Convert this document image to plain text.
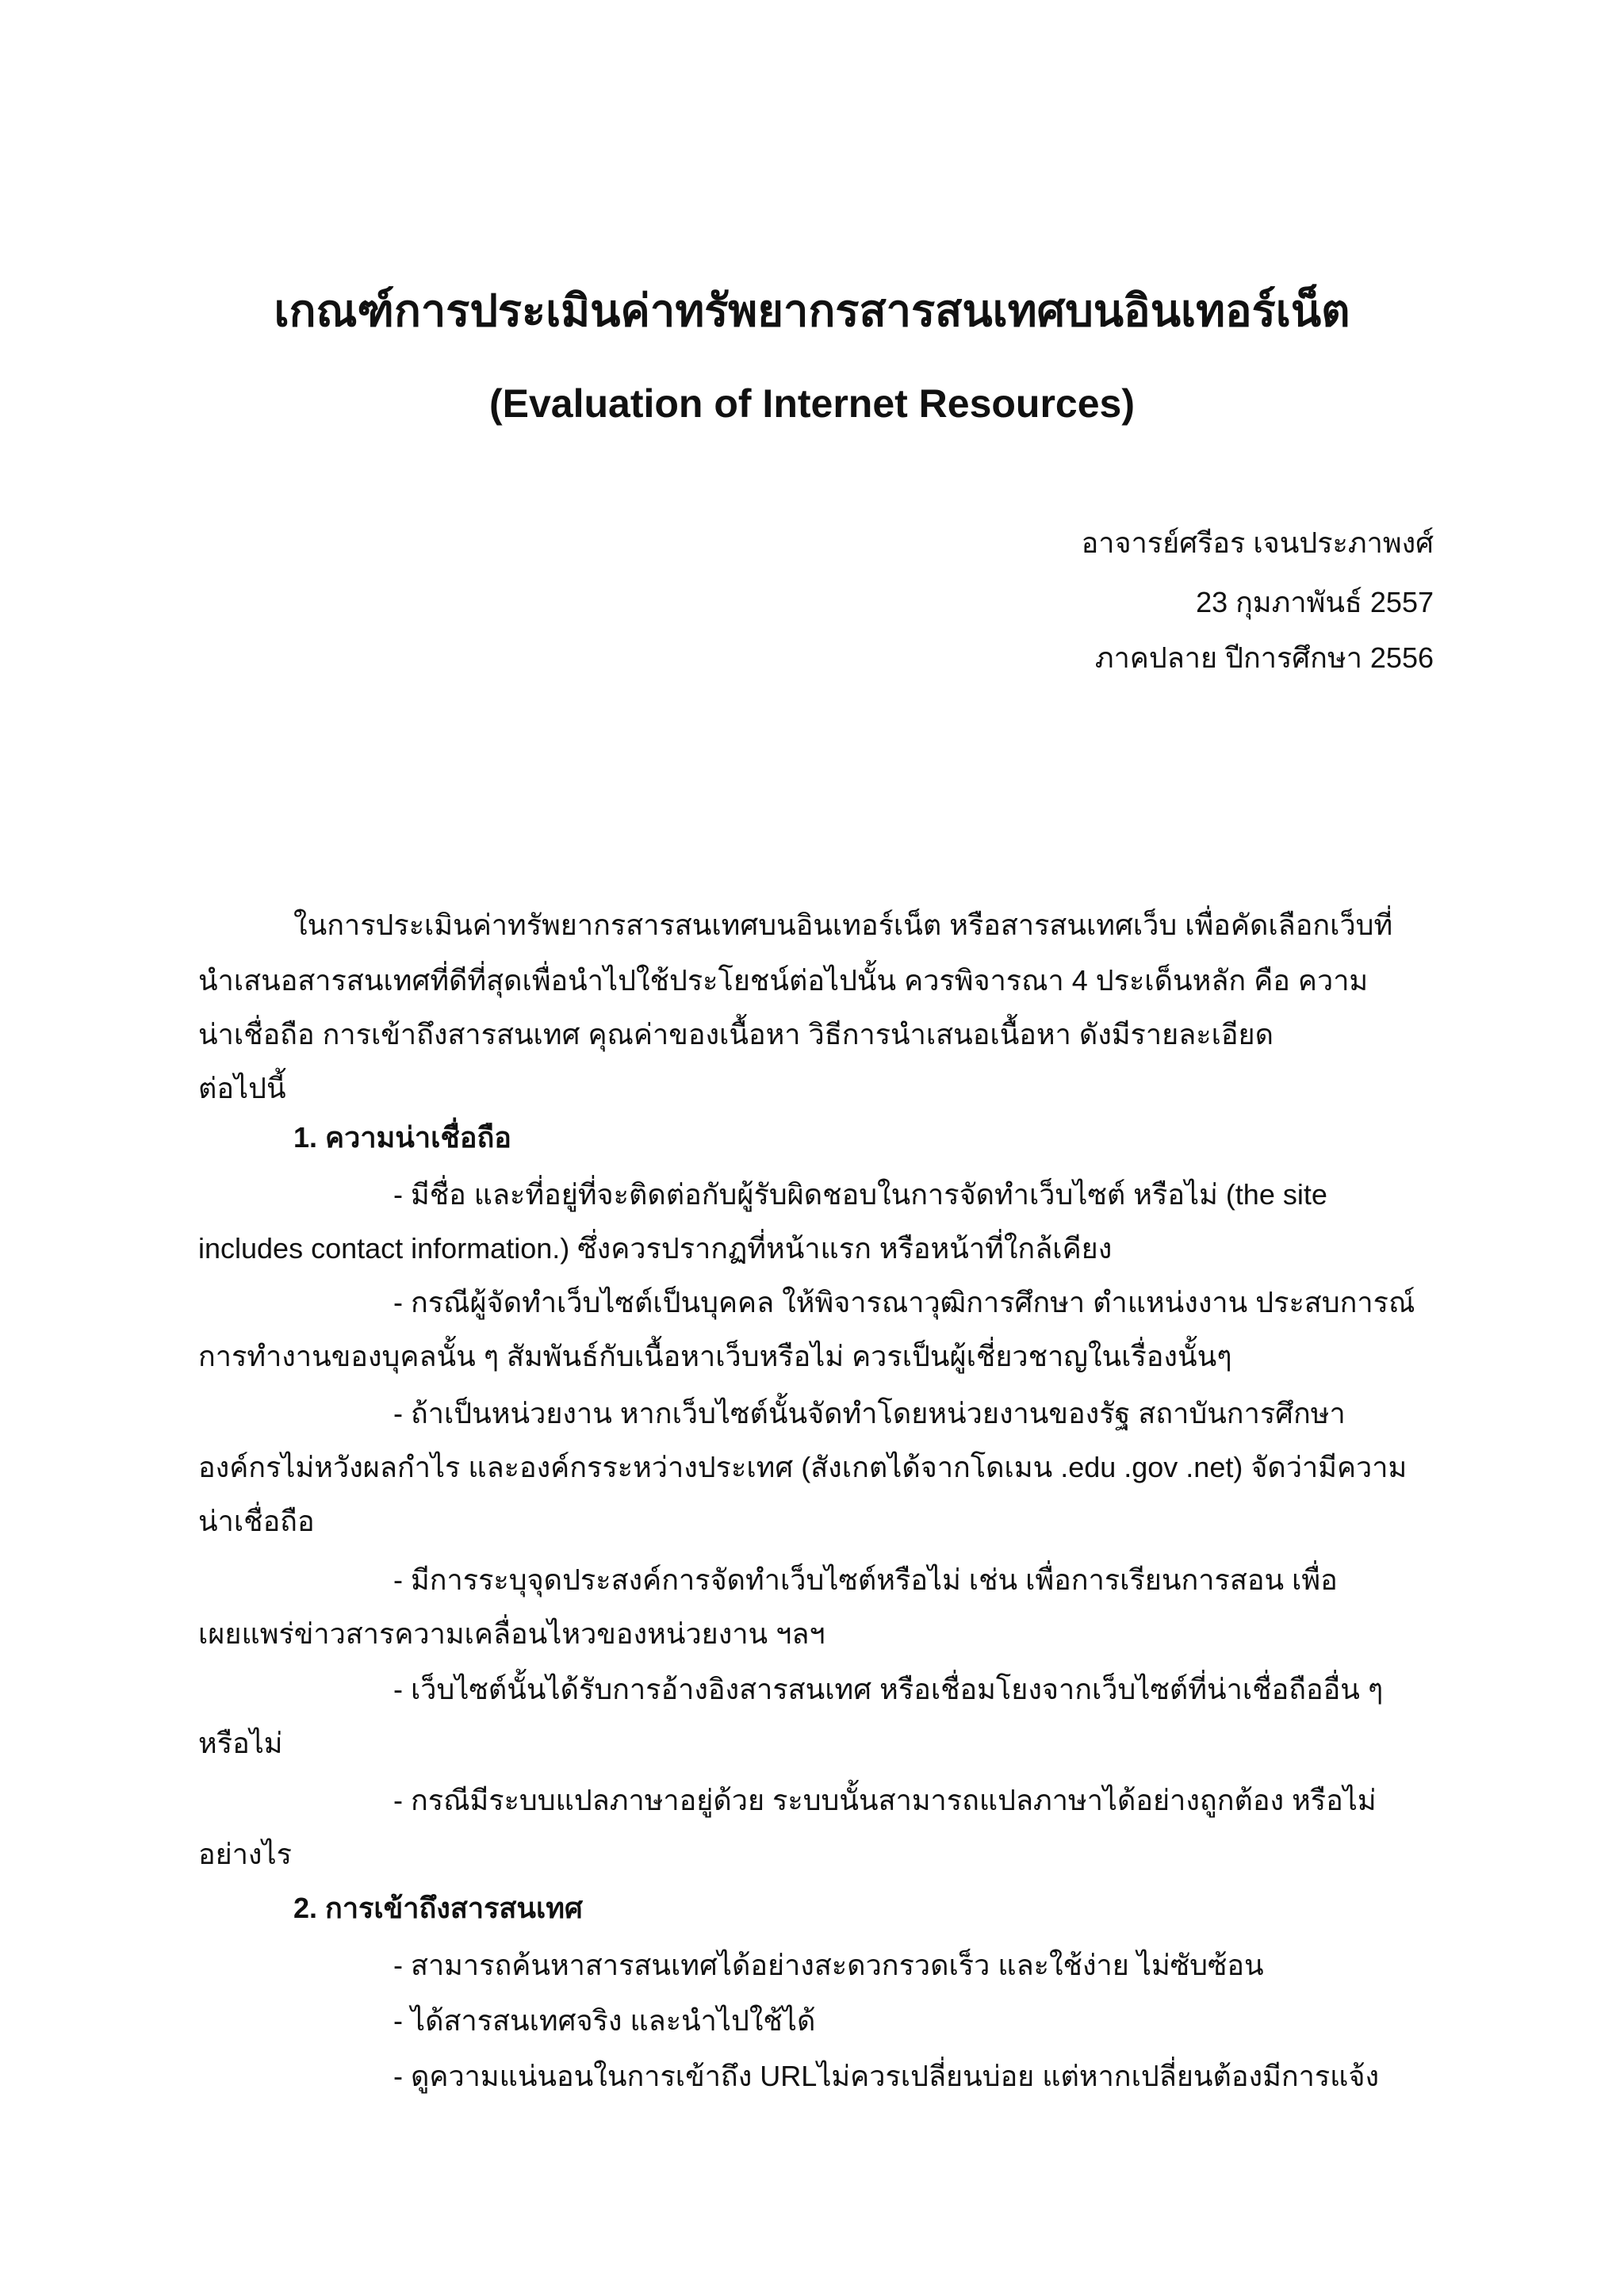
เกณฑ์การประเมินค่าทรัพยากรสารสนเทศบนอินเทอร์เน็ต
(Evaluation of Internet Resources)

อาจารย์ศรีอร เจนประภาพงศ์

23 กุมภาพันธ์ 2557

ภาคปลาย ปีการศึกษา 2556

ในการประเมินค่าทรัพยากรสารสนเทศบนอินเทอร์เน็ต หรือสารสนเทศเว็บ เพื่อคัดเลือกเว็บที่
นำเสนอสารสนเทศที่ดีที่สุดเพื่อนำไปใช้ประโยชน์ต่อไปนั้น ควรพิจารณา 4 ประเด็นหลัก คือ ความ
น่าเชื่อถือ การเข้าถึงสารสนเทศ คุณค่าของเนื้อหา วิธีการนำเสนอเนื้อหา ดังมีรายละเอียด
ต่อไปนี้
1. ความน่าเชื่อถือ
- มีชื่อ และที่อยู่ที่จะติดต่อกับผู้รับผิดชอบในการจัดทำเว็บไซต์ หรือไม่ (the site
includes contact information.) ซึ่งควรปรากฏที่หน้าแรก หรือหน้าที่ใกล้เคียง
- กรณีผู้จัดทำเว็บไซต์เป็นบุคคล ให้พิจารณาวุฒิการศึกษา ตำแหน่งงาน ประสบการณ์
การทำงานของบุคลนั้น ๆ สัมพันธ์กับเนื้อหาเว็บหรือไม่ ควรเป็นผู้เชี่ยวชาญในเรื่องนั้นๆ
- ถ้าเป็นหน่วยงาน หากเว็บไซต์นั้นจัดทำโดยหน่วยงานของรัฐ สถาบันการศึกษา
องค์กรไม่หวังผลกำไร และองค์กรระหว่างประเทศ (สังเกตได้จากโดเมน .edu .gov .net) จัดว่ามีความ
น่าเชื่อถือ
- มีการระบุจุดประสงค์การจัดทำเว็บไซต์หรือไม่ เช่น เพื่อการเรียนการสอน เพื่อ
เผยแพร่ข่าวสารความเคลื่อนไหวของหน่วยงาน ฯลฯ
- เว็บไซต์นั้นได้รับการอ้างอิงสารสนเทศ หรือเชื่อมโยงจากเว็บไซต์ที่น่าเชื่อถืออื่น ๆ
หรือไม่
- กรณีมีระบบแปลภาษาอยู่ด้วย ระบบนั้นสามารถแปลภาษาได้อย่างถูกต้อง หรือไม่
อย่างไร
2. การเข้าถึงสารสนเทศ
- สามารถค้นหาสารสนเทศได้อย่างสะดวกรวดเร็ว และใช้ง่าย ไม่ซับซ้อน
- ได้สารสนเทศจริง และนำไปใช้ได้
- ดูความแน่นอนในการเข้าถึง URLไม่ควรเปลี่ยนบ่อย แต่หากเปลี่ยนต้องมีการแจ้ง
